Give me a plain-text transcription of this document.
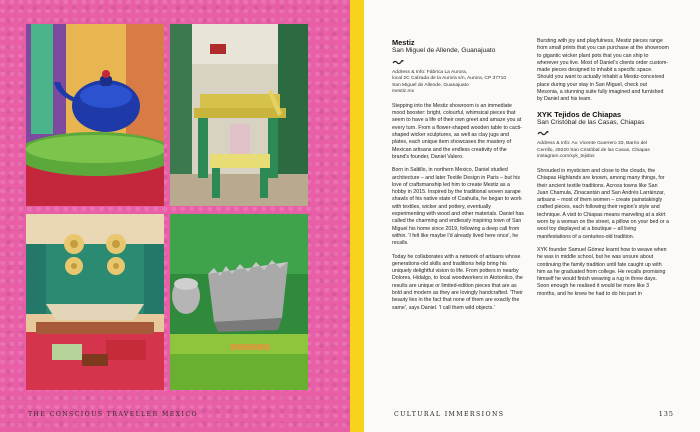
THE CONSCIOUS TRAVELLER MEXICO
Mestiz
San Miguel de Allende, Guanajuato
Address & Info: Fábrica La Aurora,
local 2C Calzada de la Aurora s/n, Aurora, CP 37710
San Miguel de Allende, Guanajuato
mestiz.mx

Stepping into the Mestiz showroom is an immediate mood booster: bright, colourful, whimsical pieces that seem to have a life of their own greet and amaze you at every turn. From a flower-shaped wooden table to cacti-shaped wicker sculptures, as well as clay jugs and plates, each unique item showcases the mastery of Mexican artisans and the endless creativity of the brand's founder, Daniel Valero.

Born in Saltillo, in northern Mexico, Daniel studied architecture – and later Textile Design in Paris – but his love of craftsmanship led him to create Mestiz as a hobby in 2015. Inspired by the traditional woven sarape shawls of his native state of Coahuila, he began to work with textiles, wicker and pottery, eventually experimenting with wood and other materials. Daniel has called the charming and endlessly inspiring town of San Miguel his home since 2019, following a deep call from within. 'I felt like maybe I'd already lived here once', he recalls.

Today he collaborates with a network of artisans whose generations-old skills and traditions help bring his uniquely delightful vision to life. From potters in nearby Dolores, Hidalgo, to local woodworkers in Atotonilco, the results are unique or limited-edition pieces that are as bold and modern as they are lovingly handcrafted. 'Their beauty lies in the fact that none of them are exactly the same', says Daniel. 'I call them wild objects.'

Bursting with joy and playfulness, Mestiz pieces range from small prints that you can purchase at the showroom to gigantic wicker plant pots that you can ship to wherever you live. Most of Daniel's clients order custom-made pieces designed to inhabit a specific space. Should you want to actually inhabit a Mestiz-conceived place during your stay in San Miguel, check out Mesonia, a stunning suite fully imagined and furnished by Daniel and his team.

XYK Tejidos de Chiapas
San Cristóbal de las Casas, Chiapas
Address & Info: Av. Vicente Guerrero 33, Barrio del
Cerrillo, 29220 San Cristóbal de las Casas, Chiapas
instagram.com/xyk_tejidos

Shrouded in mysticism and close to the clouds, the Chiapas Highlands are known, among many things, for their ancient textile traditions. Across towns like San Juan Chamula, Zinacantán and San Andrés Larráinzar, artisans – most of them women – create painstakingly crafted pieces, each following their region's style and technique. A visit to Chiapas means marveling at a skirt worn by a woman on the street, a pillow on your bed or a wool toy displayed at a boutique – all living manifestations of a centuries-old tradition.

XYK founder Samuel Gómez learnt how to weave when he was in middle school, but he was unsure about continuing the family tradition until fate caught up with him as he graduated from college. He recalls promising himself he would finish weaving a rug in three days. Soon enough he realised it would be more like 3 months, and he knew he had to do his part in

CULTURAL IMMERSIONS	135
